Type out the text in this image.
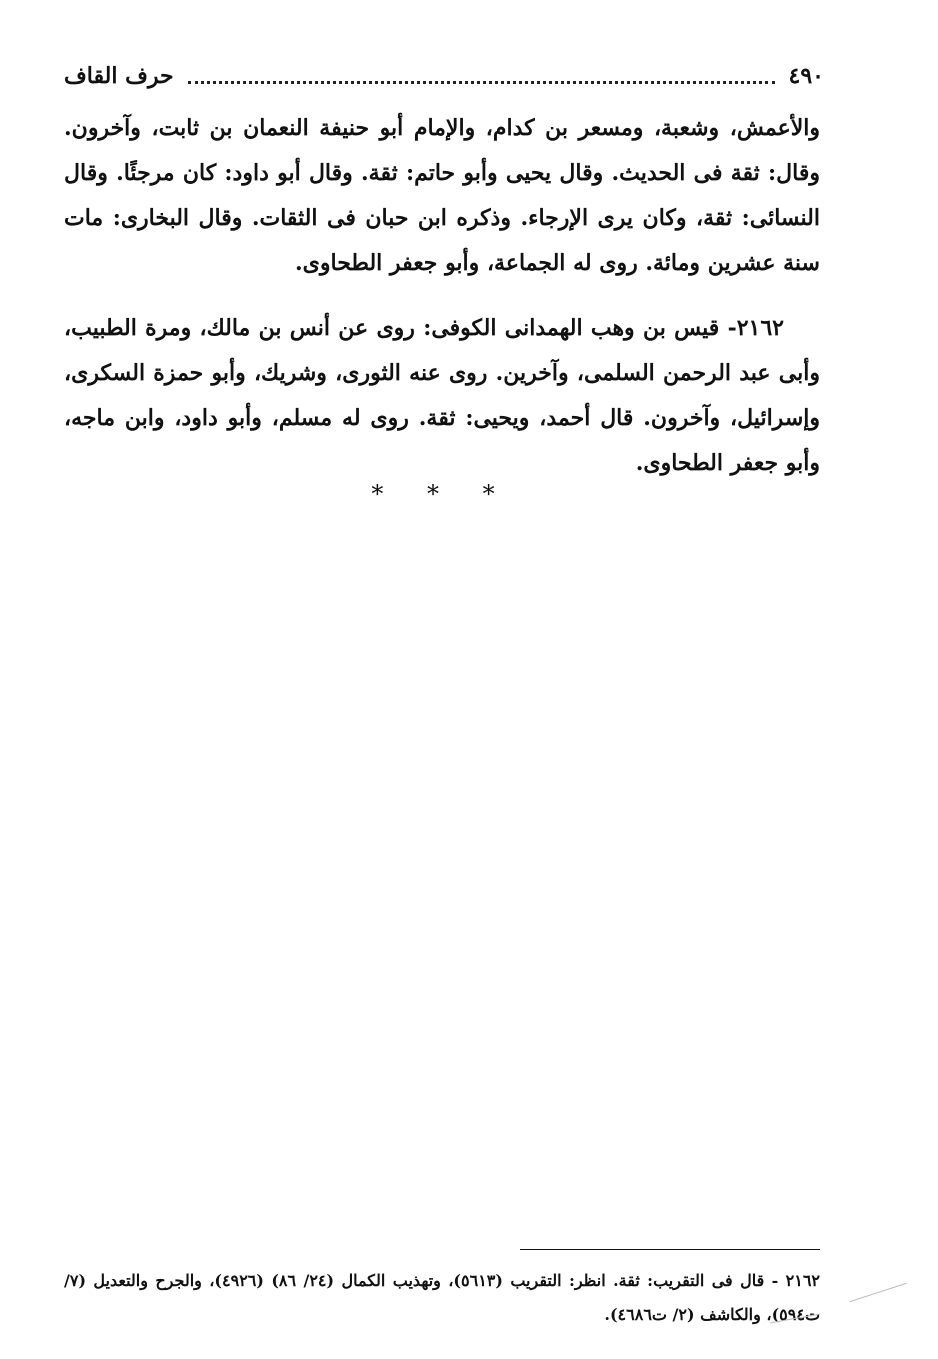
٤٩٠
حرف القاف

والأعمش، وشعبة، ومسعر بن كدام، والإمام أبو حنيفة النعمان بن ثابت، وآخرون. وقال: ثقة فى الحديث. وقال يحيى وأبو حاتم: ثقة. وقال أبو داود: كان مرجئًا. وقال النسائى: ثقة، وكان يرى الإرجاء. وذكره ابن حبان فى الثقات. وقال البخارى: مات سنة عشرين ومائة. روى له الجماعة، وأبو جعفر الطحاوى.

٢١٦٢- قيس بن وهب الهمدانى الكوفى: روى عن أنس بن مالك، ومرة الطبيب، وأبى عبد الرحمن السلمى، وآخرين. روى عنه الثورى، وشريك، وأبو حمزة السكرى، وإسرائيل، وآخرون. قال أحمد، ويحيى: ثقة. روى له مسلم، وأبو داود، وابن ماجه، وأبو جعفر الطحاوى.

* * *

٢١٦٢ - قال فى التقريب: ثقة. انظر: التقريب (٥٦١٣)، وتهذيب الكمال (٢٤/ ٨٦) (٤٩٢٦)، والجرح والتعديل (٧/ ت٥٩٤)، والكاشف (٢/ ت٤٦٨٦).
